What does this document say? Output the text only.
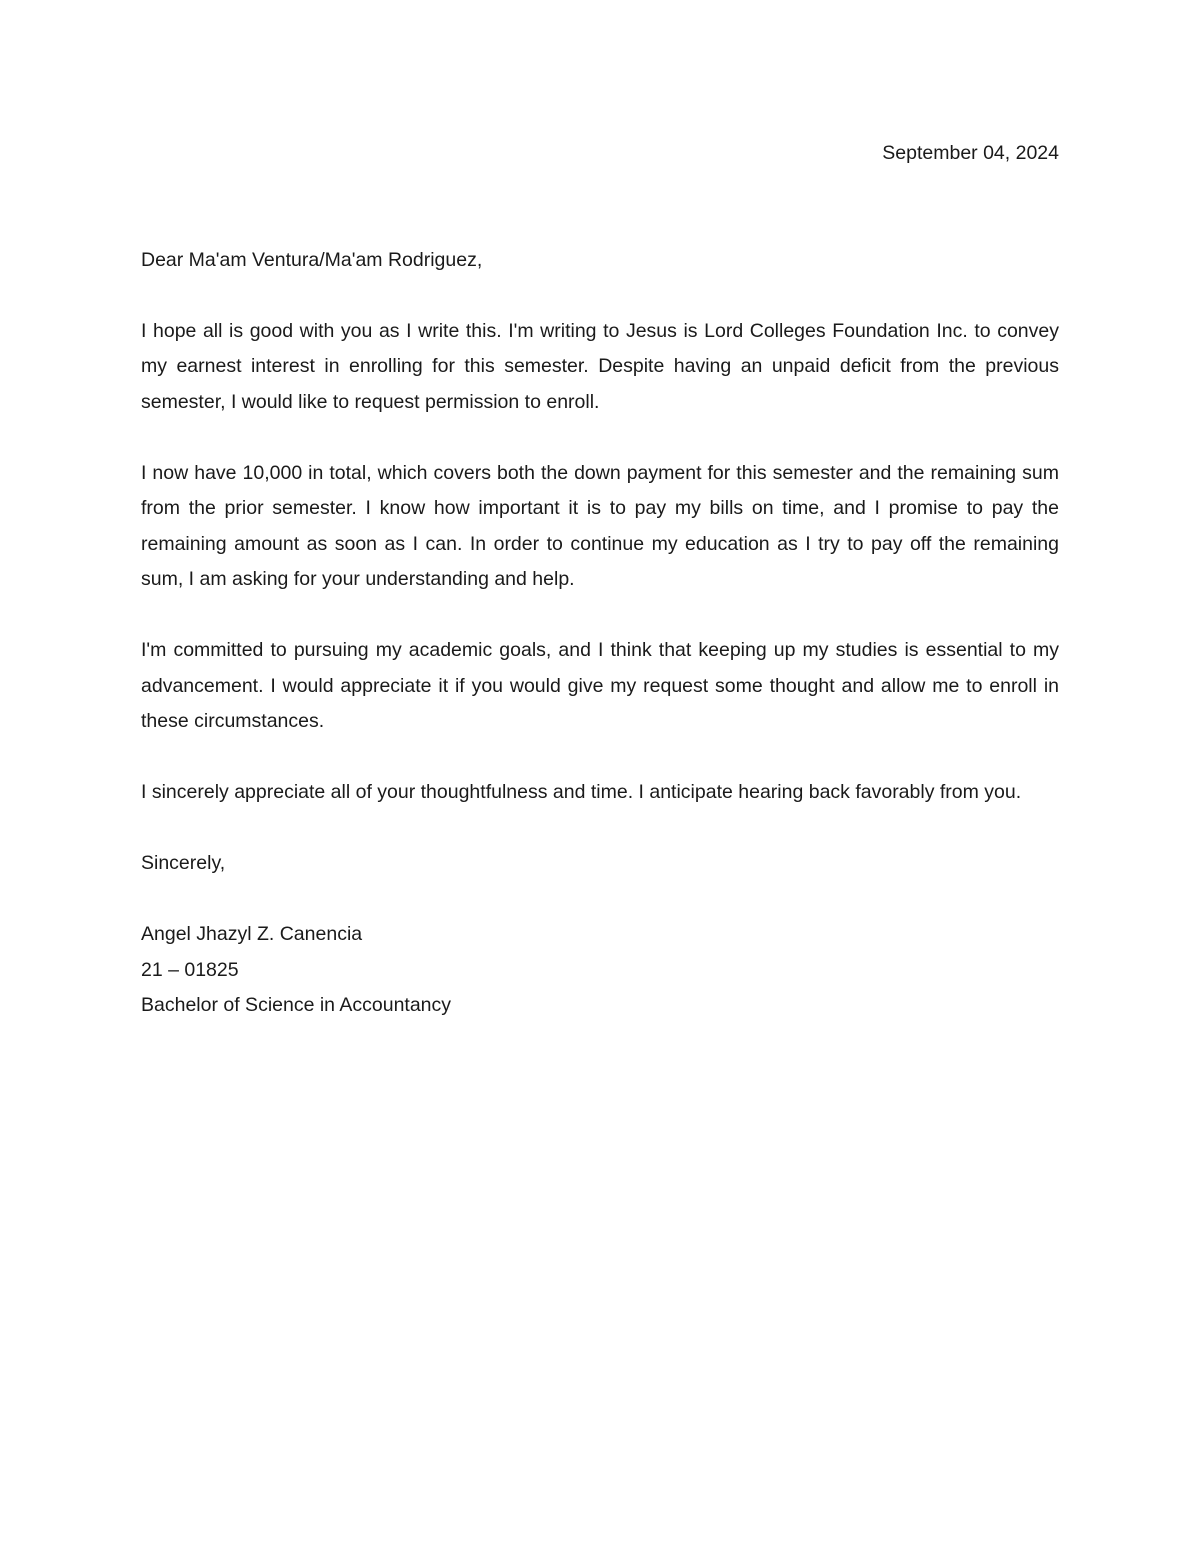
September 04, 2024

Dear Ma'am Ventura/Ma'am Rodriguez,

I hope all is good with you as I write this. I'm writing to Jesus is Lord Colleges Foundation Inc. to convey my earnest interest in enrolling for this semester. Despite having an unpaid deficit from the previous semester, I would like to request permission to enroll.

I now have 10,000 in total, which covers both the down payment for this semester and the remaining sum from the prior semester. I know how important it is to pay my bills on time, and I promise to pay the remaining amount as soon as I can. In order to continue my education as I try to pay off the remaining sum, I am asking for your understanding and help.

I'm committed to pursuing my academic goals, and I think that keeping up my studies is essential to my advancement. I would appreciate it if you would give my request some thought and allow me to enroll in these circumstances.

I sincerely appreciate all of your thoughtfulness and time. I anticipate hearing back favorably from you.

Sincerely,

Angel Jhazyl Z. Canencia
21 – 01825
Bachelor of Science in Accountancy
